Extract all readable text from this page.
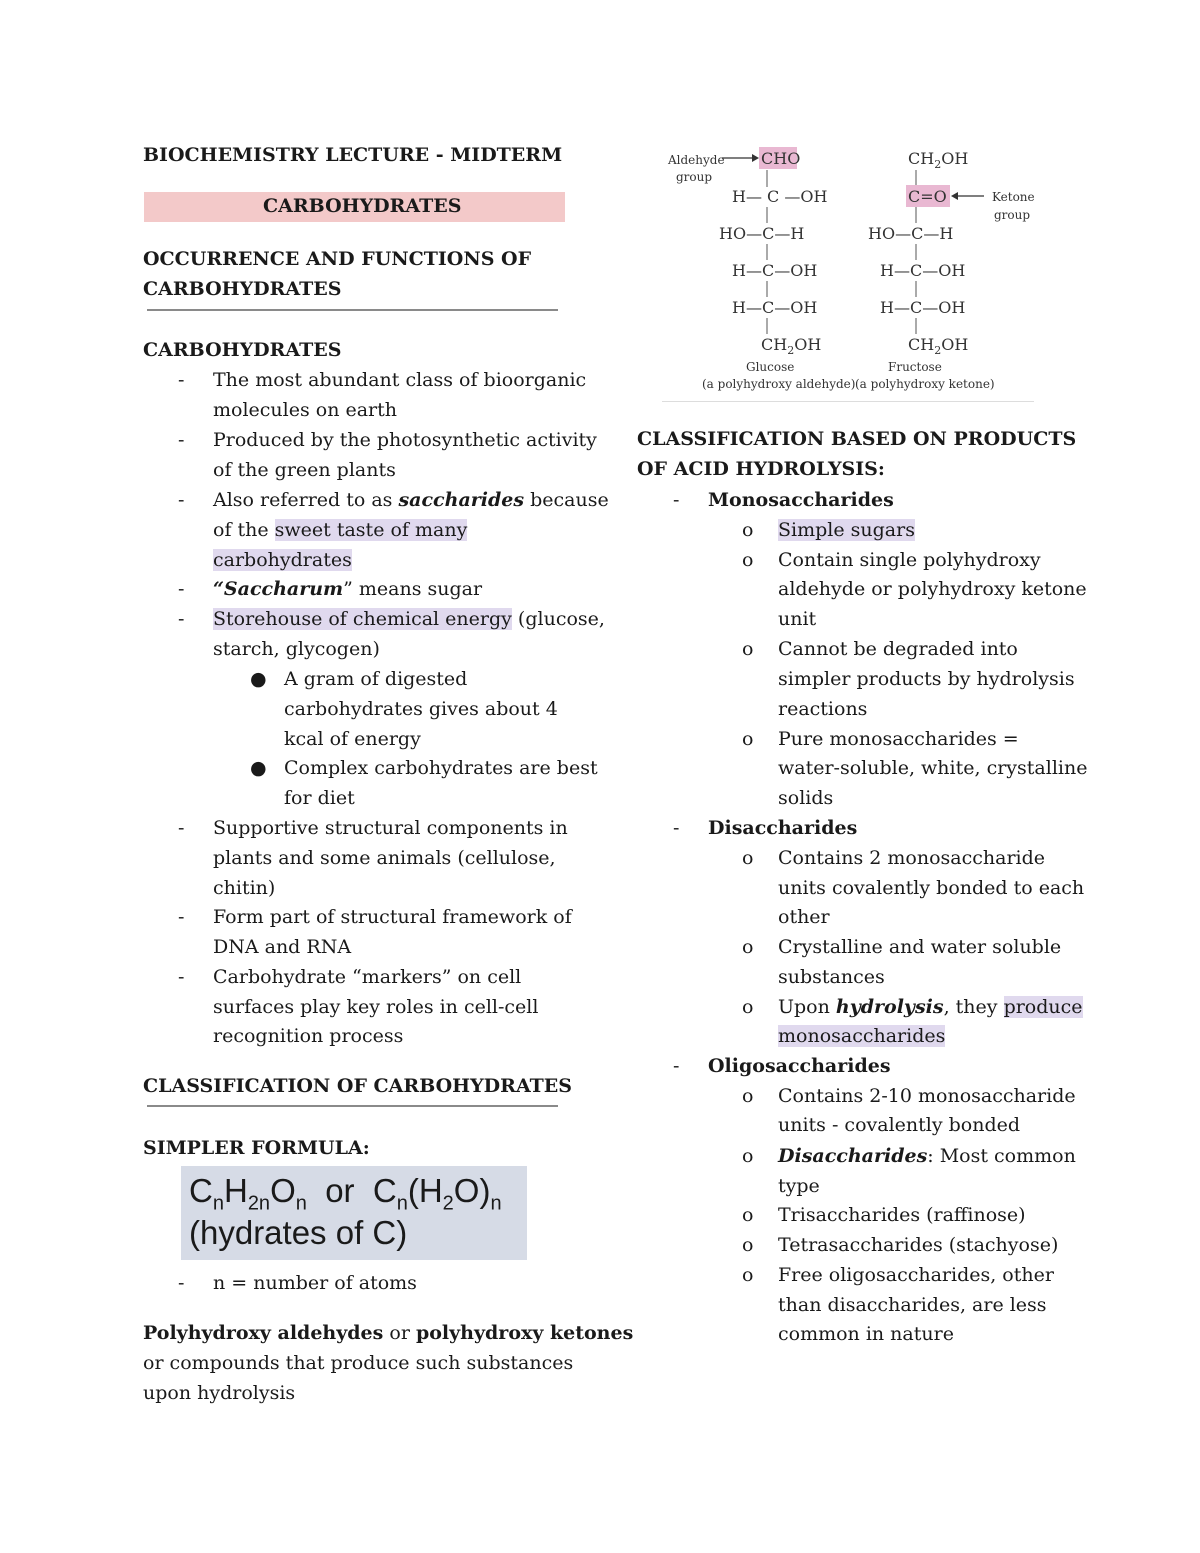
BIOCHEMISTRY LECTURE - MIDTERM
CARBOHYDRATES
OCCURRENCE AND FUNCTIONS OF
CARBOHYDRATES
CARBOHYDRATES
- The most abundant class of bioorganic
molecules on earth
- Produced by the photosynthetic activity
of the green plants
- Also referred to as saccharides because
of the sweet taste of many
carbohydrates
- “Saccharum” means sugar
- Storehouse of chemical energy (glucose,
starch, glycogen)
● A gram of digested
carbohydrates gives about 4
kcal of energy
● Complex carbohydrates are best
for diet
- Supportive structural components in
plants and some animals (cellulose,
chitin)
- Form part of structural framework of
DNA and RNA
- Carbohydrate “markers” on cell
surfaces play key roles in cell-cell
recognition process
CLASSIFICATION OF CARBOHYDRATES
SIMPLER FORMULA:
$C_nH_{2n}O_n$  or  $C_n(H_2O)_n$
(hydrates of C)
- n = number of atoms
Polyhydroxy aldehydes or polyhydroxy ketones
or compounds that produce such substances
upon hydrolysis
Aldehyde
group
CHO
H— C —OH
HO—C—H
H—C—OH
H—C—OH
$CH_2OH$
Glucose
(a polyhydroxy aldehyde)
$CH_2OH$
C=O	Ketone
group
HO—C—H
H—C—OH
H—C—OH
$CH_2OH$
Fructose
(a polyhydroxy ketone)
CLASSIFICATION BASED ON PRODUCTS
OF ACID HYDROLYSIS:
- Monosaccharides
o Simple sugars
o Contain single polyhydroxy
aldehyde or polyhydroxy ketone
unit
o Cannot be degraded into
simpler products by hydrolysis
reactions
o Pure monosaccharides =
water-soluble, white, crystalline
solids
- Disaccharides
o Contains 2 monosaccharide
units covalently bonded to each
other
o Crystalline and water soluble
substances
o Upon hydrolysis, they produce
monosaccharides
- Oligosaccharides
o Contains 2-10 monosaccharide
units - covalently bonded
o Disaccharides: Most common
type
o Trisaccharides (raffinose)
o Tetrasaccharides (stachyose)
o Free oligosaccharides, other
than disaccharides, are less
common in nature
